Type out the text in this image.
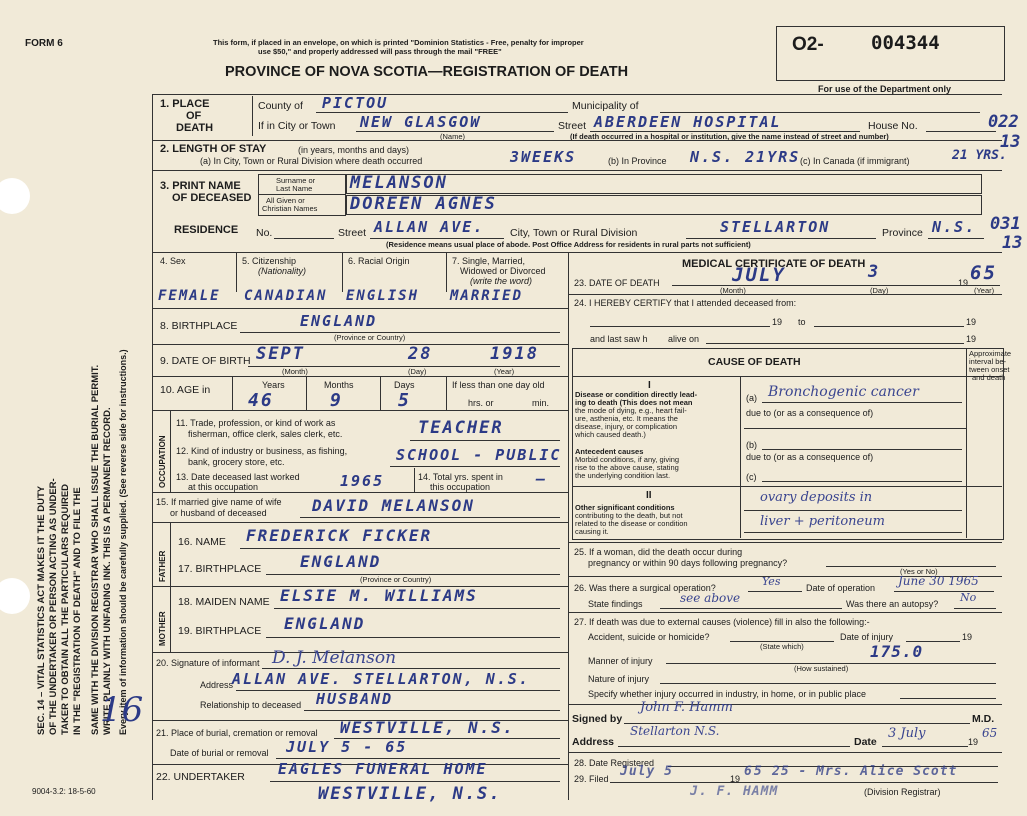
SEC. 14 – VITAL STATISTICS ACT MAKES IT THE DUTY OF THE UNDERTAKER OR PERSON ACTING AS UNDER- TAKER TO OBTAIN ALL THE PARTICULARS REQUIRED IN THE "REGISTRATION OF DEATH" AND TO FILE THE SAME WITH THE DIVISION REGISTRAR WHO SHALL ISSUE THE BURIAL PERMIT. WRITE PLAINLY WITH UNFADING INK. THIS IS A PERMANENT RECORD. Every item of information should be carefully supplied. (See reverse side for instructions.)
16
FORM 6	This form, if placed in an envelope, on which is printed "Dominion Statistics - Free, penalty for improper
use $50," and properly addressed will pass through the mail "FREE"
PROVINCE OF NOVA SCOTIA—REGISTRATION OF DEATH
O2- 004344
For use of the Department only
022
13
031
13
1. PLACE
OF
DEATH
County of PICTOU	Municipality of
If in City or Town NEW GLASGOW
(Name)
Street ABERDEEN HOSPITAL	House No.
(If death occurred in a hospital or institution, give the name instead of street and number)
2. LENGTH OF STAY	(in years, months and days)
(a) In City, Town or Rural Division where death occurred	3WEEKS	(b) In Province N.S. 21YRS (c) In Canada (if immigrant)	21 YRS.
3. PRINT NAME
OF DECEASED
Surname or
Last Name
All Given or
Christian Names
MELANSON
DOREEN AGNES
RESIDENCE No.	Street ALLAN AVE. City, Town or Rural Division	STELLARTON	Province N.S.
(Residence means usual place of abode. Post Office Address for residents in rural parts not sufficient)
4. Sex	5. Citizenship
(Nationality)
6. Racial Origin	7. Single, Married,
Widowed or Divorced
(write the word)
FEMALE CANADIAN ENGLISH MARRIED
8. BIRTHPLACE	ENGLAND
(Province or Country)
9. DATE OF BIRTH SEPT	28	1918
(Month)	(Day)	(Year)
10. AGE in	Years	Months	Days
46	9	5
If less than one day old
hrs. or	min.
OCCUPATION
11. Trade, profession, or kind of work as
fisherman, office clerk, sales clerk, etc.	TEACHER
12. Kind of industry or business, as fishing,
bank, grocery store, etc.	SCHOOL - PUBLIC
13. Date deceased last worked
at this occupation	1965	14. Total yrs. spent in
this occupation	—
15. If married give name of wife
or husband of deceased	DAVID MELANSON
FATHER
MOTHER
16. NAME FREDERICK FICKER
17. BIRTHPLACE ENGLAND
(Province or Country)
18. MAIDEN NAME ELSIE M. WILLIAMS
19. BIRTHPLACE ENGLAND
20. Signature of informant D. J. Melanson
Address
ALLAN AVE. STELLARTON, N.S.
Relationship to deceased HUSBAND
21. Place of burial, cremation or removal WESTVILLE, N.S.
Date of burial or removal JULY 5 - 65
22. UNDERTAKER EAGLES FUNERAL HOME
WESTVILLE, N.S.
9004-3.2: 18-5-60
MEDICAL CERTIFICATE OF DEATH
23. DATE OF DEATH	JULY	3
19 65
(Month)	(Day)	(Year)
24. I HEREBY CERTIFY that I attended deceased from:
19 to	19
and last saw h alive on	19
CAUSE OF DEATH
Approximate
interval be-
tween onset
and death
I
Disease or condition directly lead-
ing to death (This does not mean
the mode of dying, e.g., heart fail-
ure, asthenia, etc. It means the
disease, injury, or complication
which caused death.)
(a) Bronchogenic cancer
due to (or as a consequence of)
Antecedent causes
Morbid conditions, if any, giving
rise to the above cause, stating
the underlying condition last.
(b)
due to (or as a consequence of)
(c)
II
Other significant conditions
contributing to the death, but not
related to the disease or condition
causing it.
ovary deposits in
liver + peritoneum
25. If a woman, did the death occur during
pregnancy or within 90 days following pregnancy?
(Yes or No)
26. Was there a surgical operation?	Yes	Date of operation June 30 1965
State findings	see above	Was there an autopsy? No
27. If death was due to external causes (violence) fill in also the following:-
Accident, suicide or homicide?
(State which)
Date of injury	19
Manner of injury	175.0
(How sustained)
Nature of injury
Specify whether injury occurred in industry, in home, or in public place
Signed by
John F. Hamm
M.D.
Address
Stellarton N.S.
Date
3 July
19
65
28. Date Registered
29. Filed July 5	19 65 25 - Mrs. Alice Scott
J. F. HAMM	(Division Registrar)
